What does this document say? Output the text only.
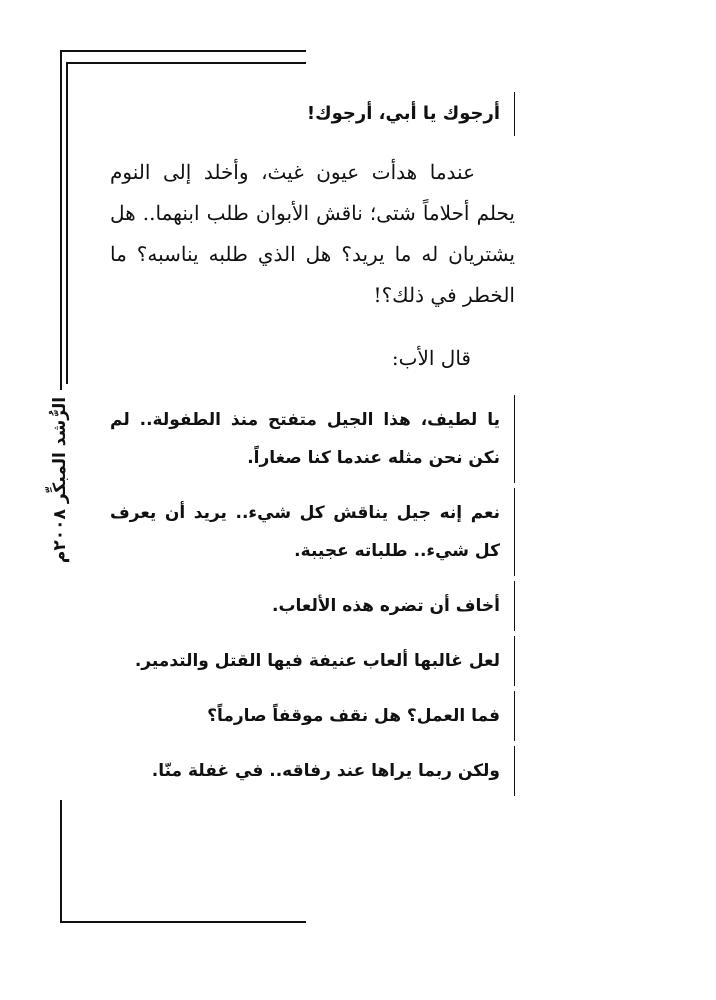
الرُّشد المبكِّر ٢٠٠٨م
أرجوك يا أبي، أرجوك!

عندما هدأت عيون غيث، وأخلد إلى النوم يحلم أحلاماً شتى؛ ناقش الأبوان طلب ابنهما.. هل يشتريان له ما يريد؟ هل الذي طلبه يناسبه؟ ما الخطر في ذلك؟!

قال الأب:
يا لطيف، هذا الجيل متفتح منذ الطفولة.. لم نكن نحن مثله عندما كنا صغاراً.
نعم إنه جيل يناقش كل شيء.. يريد أن يعرف كل شيء.. طلباته عجيبة.
أخاف أن تضره هذه الألعاب.
لعل غالبها ألعاب عنيفة فيها القتل والتدمير.
فما العمل؟ هل نقف موقفاً صارماً؟
ولكن ربما يراها عند رفاقه.. في غفلة منّا.
